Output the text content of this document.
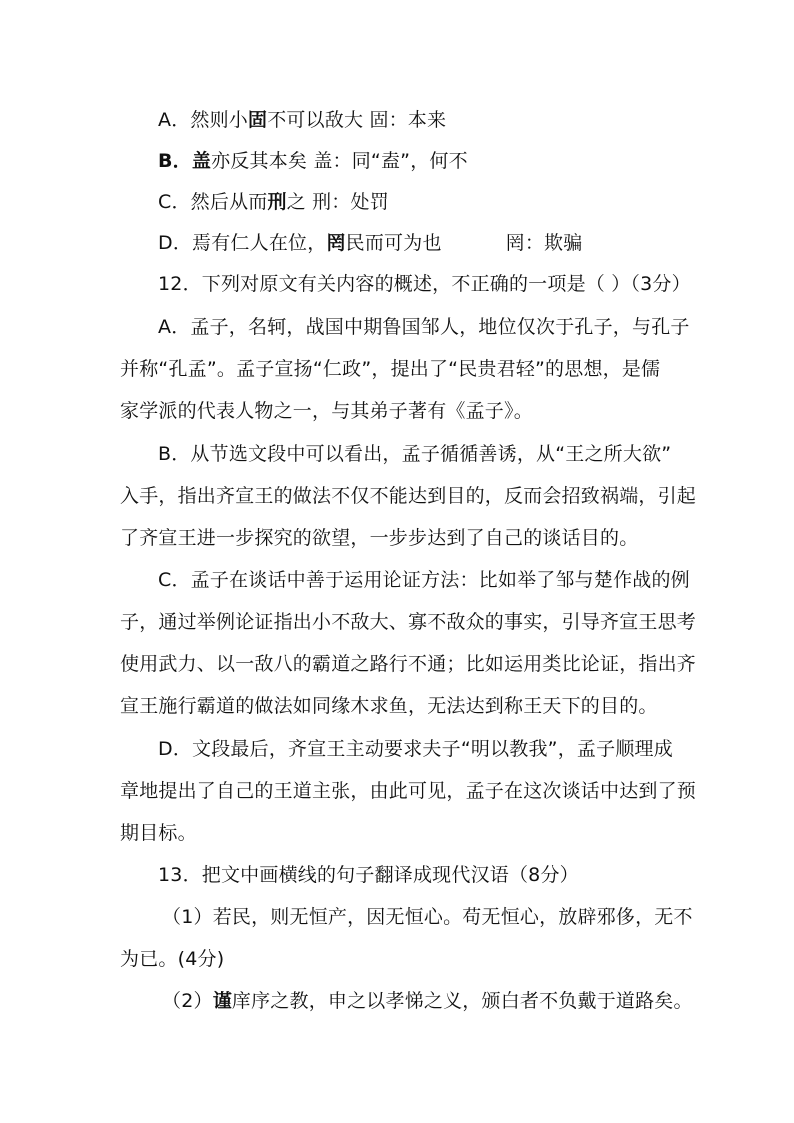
A．然则小固不可以敌大 固：本来
B．盖亦反其本矣 盖：同“盍”，何不
C．然后从而刑之 刑：处罚
D．焉有仁人在位，罔民而可为也	罔：欺骗
12．下列对原文有关内容的概述，不正确的一项是（ ）（3分）
A．孟子，名轲，战国中期鲁国邹人，地位仅次于孔子，与孔子
并称“孔孟”。孟子宣扬“仁政”，提出了“民贵君轻”的思想，是儒
家学派的代表人物之一，与其弟子著有《孟子》。
B．从节选文段中可以看出，孟子循循善诱，从“王之所大欲”
入手，指出齐宣王的做法不仅不能达到目的，反而会招致祸端，引起
了齐宣王进一步探究的欲望，一步步达到了自己的谈话目的。
C．孟子在谈话中善于运用论证方法：比如举了邹与楚作战的例
子，通过举例论证指出小不敌大、寡不敌众的事实，引导齐宣王思考
使用武力、以一敌八的霸道之路行不通；比如运用类比论证，指出齐
宣王施行霸道的做法如同缘木求鱼，无法达到称王天下的目的。
D．文段最后，齐宣王主动要求夫子“明以教我”，孟子顺理成
章地提出了自己的王道主张，由此可见，孟子在这次谈话中达到了预
期目标。
13．把文中画横线的句子翻译成现代汉语（8分）
（1）若民，则无恒产，因无恒心。苟无恒心，放辟邪侈，无不
为已。(4分)
（2）谨庠序之教，申之以孝悌之义，颁白者不负戴于道路矣。
